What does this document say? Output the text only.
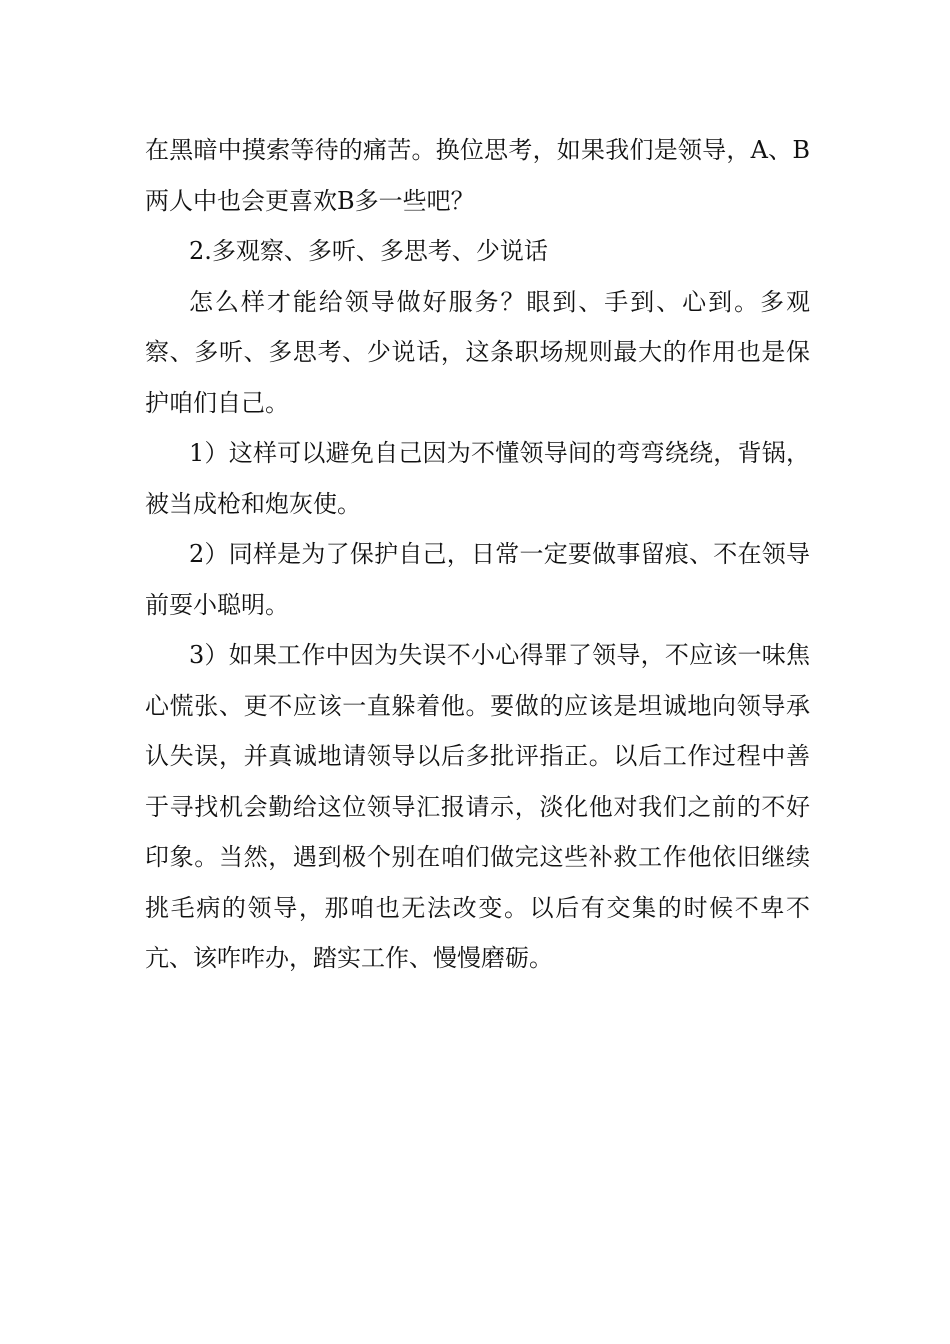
在黑暗中摸索等待的痛苦。换位思考，如果我们是领导，A、B两人中也会更喜欢B多一些吧？

2.多观察、多听、多思考、少说话

怎么样才能给领导做好服务？眼到、手到、心到。多观察、多听、多思考、少说话，这条职场规则最大的作用也是保护咱们自己。

1）这样可以避免自己因为不懂领导间的弯弯绕绕，背锅，被当成枪和炮灰使。

2）同样是为了保护自己，日常一定要做事留痕、不在领导前耍小聪明。

3）如果工作中因为失误不小心得罪了领导，不应该一味焦心慌张、更不应该一直躲着他。要做的应该是坦诚地向领导承认失误，并真诚地请领导以后多批评指正。以后工作过程中善于寻找机会勤给这位领导汇报请示，淡化他对我们之前的不好印象。当然，遇到极个别在咱们做完这些补救工作他依旧继续挑毛病的领导，那咱也无法改变。以后有交集的时候不卑不亢、该咋咋办，踏实工作、慢慢磨砺。
